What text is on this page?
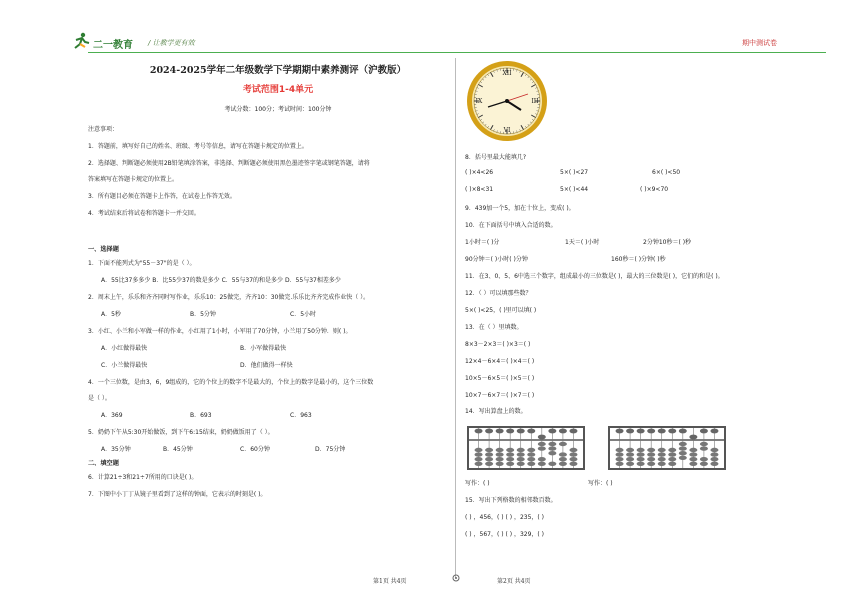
二一教育 / 让教学更有效	期中测试卷
2024-2025学年二年级数学下学期期中素养测评（沪教版）
考试范围1-4单元
考试分数：100分；考试时间：100分钟
注意事项：
1．答题前，填写好自己的姓名、班级、考号等信息，请写在答题卡规定的位置上。
2．选择题、判断题必须使用2B铅笔填涂答案，非选择、判断题必须使用黑色墨迹签字笔或钢笔答题，请将
答案填写在答题卡规定的位置上。
3．所有题目必须在答题卡上作答，在试卷上作答无效。
4．考试结束后将试卷和答题卡一并交回。
一、选择题
1．下面不能列式为"55－37"的是（ ）。
A．55比37多多少 B．比55少37的数是多少 C．55与37的和是多少 D．55与37相差多少
2．周末上午，乐乐和齐齐同时写作业，乐乐10：25做完，齐齐10：30做完.乐乐比齐齐完成作业快（ ）。
A．5秒	B．5分钟	C．5小时
3．小红、小兰和小军做一样的作业，小红用了1小时，小军用了70分钟，小兰用了50分钟．则( )。
A．小红做得最快	B．小军做得最快
C．小兰做得最快	D．他们做得一样快
4．一个三位数，是由3，6，9组成的，它的个位上的数字不是最大的，个位上的数字是最小的，这个三位数
是（ ）。
A．369	B．693	C．963
5．奶奶下午从5:30开始做饭，到下午6:15结束，奶奶做饭用了（ ）。
A．35分钟	B．45分钟	C．60分钟	D．75分钟
二、填空题
6．计算21÷3和21÷7所用的口诀是( )。
7．下图中小丁丁从镜子里看到了这样的钟面，它表示的时刻是( )。
XII
III
VI
IX
8．括号里最大能填几?
( )×4<26	5×( )<27	6×( )<50
( )×8<31	5×( )<44	( )×9<70
9．439加一个5，加在十位上，变成( )。
10．在下面括号中填入合适的数。
1小时＝( )分	1天＝( )小时	2分钟10秒＝( )秒
90分钟＝( )小时( )分钟	160秒＝( )分钟( )秒
11．在3、0、5、6中选三个数字，组成最小的三位数是( )，最大的三位数是( )，它们的和是( )。
12．（ ）可以填那些数？
5×( )<25，( )里可以填( )
13．在（ ）里填数。
8×3－2×3＝( )×3＝( )
12×4－6×4＝( )×4＝( )
10×5－6×5＝( )×5＝( )
10×7－6×7＝( )×7＝( )
14．写出算盘上的数。
写作：( )	写作：( )
15．写出下列格数的相邻数百数。
( ) ，456，( ) ( ) ，235，( )
( ) ，567，( ) ( ) ，329，( )
第1页 共4页	第2页 共4页
